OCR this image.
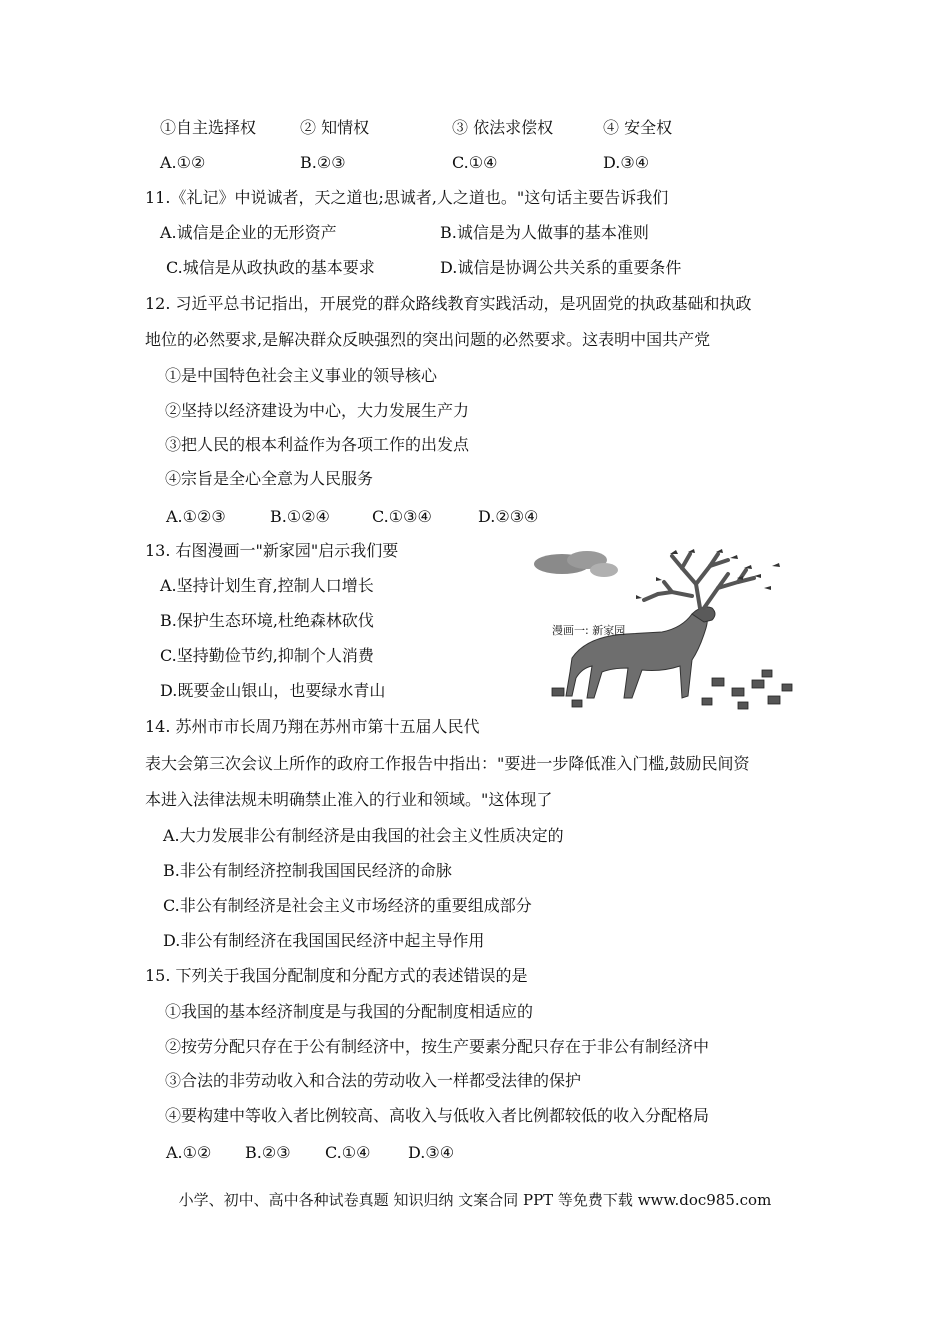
①自主选择权	② 知情权	③ 依法求偿权	④ 安全权
A.①②	B.②③	C.①④	D.③④
11.《礼记》中说诚者，天之道也;思诚者,人之道也。"这句话主要告诉我们
A.诚信是企业的无形资产	B.诚信是为人做事的基本准则
C.城信是从政执政的基本要求	D.诚信是协调公共关系的重要条件
12. 习近平总书记指出，开展党的群众路线教育实践活动，是巩固党的执政基础和执政
地位的必然要求,是解决群众反映强烈的突出问题的必然要求。这表明中国共产党
①是中国特色社会主义事业的领导核心
②坚持以经济建设为中心，大力发展生产力
③把人民的根本利益作为各项工作的出发点
④宗旨是全心全意为人民服务
A.①②③	B.①②④	C.①③④	D.②③④
13. 右图漫画一"新家园"启示我们要
A.坚持计划生育,控制人口增长
B.保护生态环境,杜绝森林砍伐
C.坚持勤俭节约,抑制个人消费
D.既要金山银山，也要绿水青山
漫画一: 新家园
14. 苏州市市长周乃翔在苏州市第十五届人民代
表大会第三次会议上所作的政府工作报告中指出："要进一步降低准入门槛,鼓励民间资
本进入法律法规未明确禁止准入的行业和领域。"这体现了
A.大力发展非公有制经济是由我国的社会主义性质决定的
B.非公有制经济控制我国国民经济的命脉
C.非公有制经济是社会主义市场经济的重要组成部分
D.非公有制经济在我国国民经济中起主导作用
15. 下列关于我国分配制度和分配方式的表述错误的是
①我国的基本经济制度是与我国的分配制度相适应的
②按劳分配只存在于公有制经济中，按生产要素分配只存在于非公有制经济中
③合法的非劳动收入和合法的劳动收入一样都受法律的保护
④要构建中等收入者比例较高、高收入与低收入者比例都较低的收入分配格局
A.①② B.②③ C.①④ D.③④
小学、初中、高中各种试卷真题 知识归纳 文案合同 PPT 等免费下载 www.doc985.com
